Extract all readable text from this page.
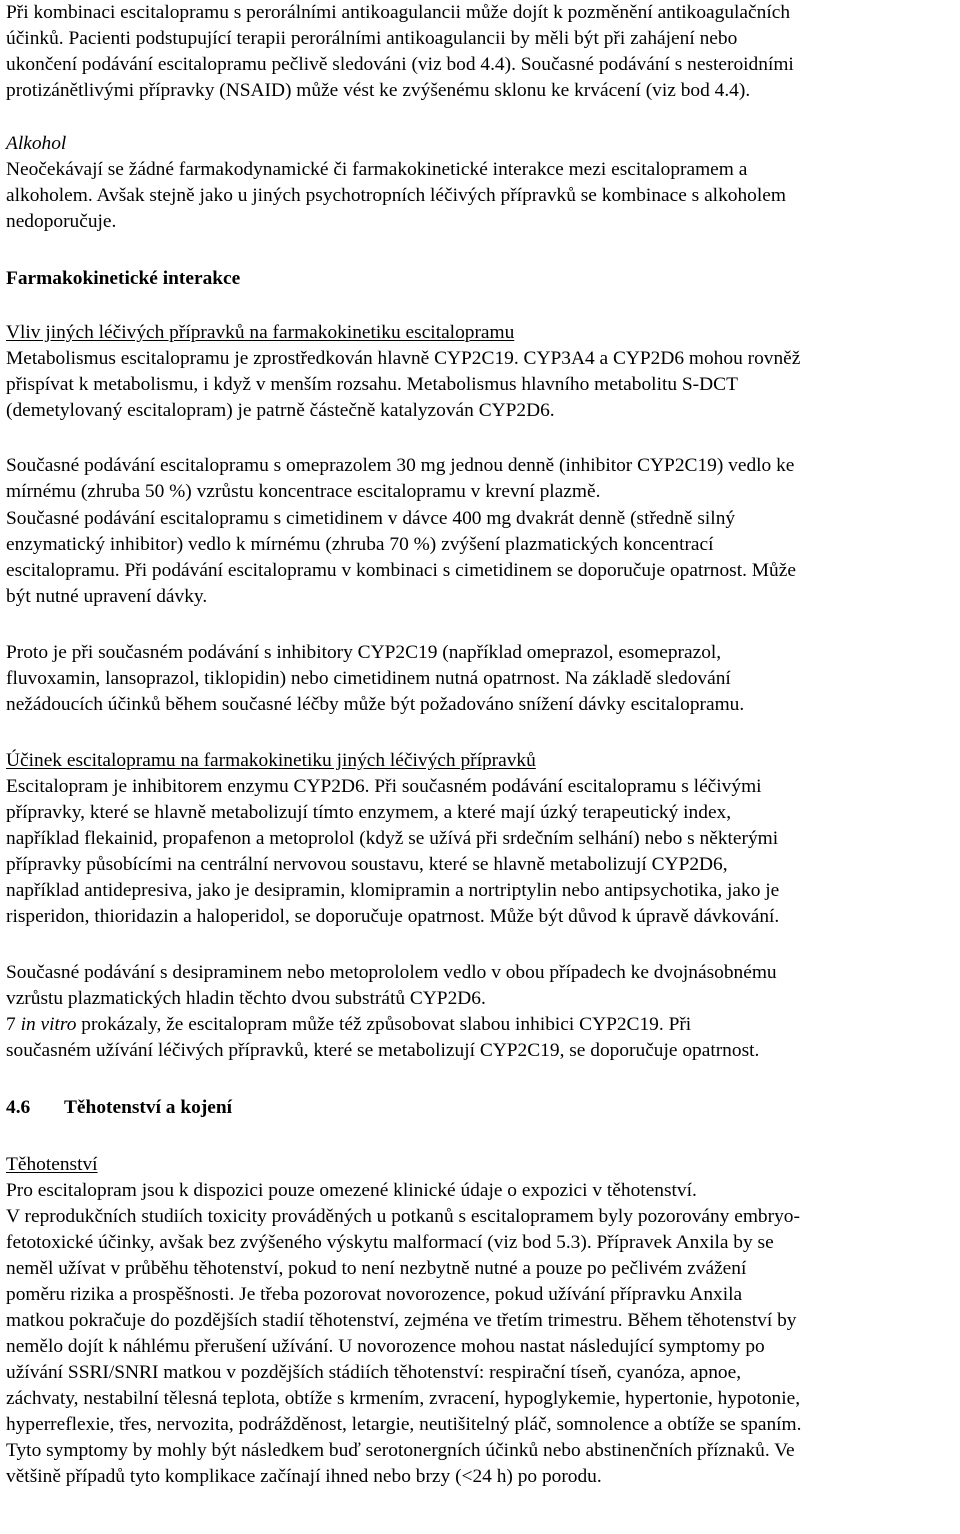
Při kombinaci escitalopramu s perorálními antikoagulancii může dojít k pozměnění antikoagulačních
účinků. Pacienti podstupující terapii perorálními antikoagulancii by měli být při zahájení nebo
ukončení podávání escitalopramu pečlivě sledováni (viz bod 4.4). Současné podávání s nesteroidními
protizánětlivými přípravky (NSAID) může vést ke zvýšenému sklonu ke krvácení (viz bod 4.4).
Alkohol
Neočekávají se žádné farmakodynamické či farmakokinetické interakce mezi escitalopramem a
alkoholem. Avšak stejně jako u jiných psychotropních léčivých přípravků se kombinace s alkoholem
nedoporučuje.
Farmakokinetické interakce
Vliv jiných léčivých přípravků na farmakokinetiku escitalopramu
Metabolismus escitalopramu je zprostředkován hlavně CYP2C19. CYP3A4 a CYP2D6 mohou rovněž
přispívat k metabolismu, i když v menším rozsahu. Metabolismus hlavního metabolitu S-DCT
(demetylovaný escitalopram) je patrně částečně katalyzován CYP2D6.
Současné podávání escitalopramu s omeprazolem 30 mg jednou denně (inhibitor CYP2C19) vedlo ke
mírnému (zhruba 50 %) vzrůstu koncentrace escitalopramu v krevní plazmě.
Současné podávání escitalopramu s cimetidinem v dávce 400 mg dvakrát denně (středně silný
enzymatický inhibitor) vedlo k mírnému (zhruba 70 %) zvýšení plazmatických koncentrací
escitalopramu. Při podávání escitalopramu v kombinaci s cimetidinem se doporučuje opatrnost. Může
být nutné upravení dávky.
Proto je při současném podávání s inhibitory CYP2C19 (například omeprazol, esomeprazol,
fluvoxamin, lansoprazol, tiklopidin) nebo cimetidinem nutná opatrnost. Na základě sledování
nežádoucích účinků během současné léčby může být požadováno snížení dávky escitalopramu.
Účinek escitalopramu na farmakokinetiku jiných léčivých přípravků
Escitalopram je inhibitorem enzymu CYP2D6. Při současném podávání escitalopramu s léčivými
přípravky, které se hlavně metabolizují tímto enzymem, a které mají úzký terapeutický index,
například flekainid, propafenon a metoprolol (když se užívá při srdečním selhání) nebo s některými
přípravky působícími na centrální nervovou soustavu, které se hlavně metabolizují CYP2D6,
například antidepresiva, jako je desipramin, klomipramin a nortriptylin nebo antipsychotika, jako je
risperidon, thioridazin a haloperidol, se doporučuje opatrnost. Může být důvod k úpravě dávkování.
Současné podávání s desipraminem nebo metoprololem vedlo v obou případech ke dvojnásobnému
vzrůstu plazmatických hladin těchto dvou substrátů CYP2D6.
7 in vitro prokázaly, že escitalopram může též způsobovat slabou inhibici CYP2C19. Při
současném užívání léčivých přípravků, které se metabolizují CYP2C19, se doporučuje opatrnost.
4.6 Těhotenství a kojení
Těhotenství
Pro escitalopram jsou k dispozici pouze omezené klinické údaje o expozici v těhotenství.
V reprodukčních studiích toxicity prováděných u potkanů s escitalopramem byly pozorovány embryo-
fetotoxické účinky, avšak bez zvýšeného výskytu malformací (viz bod 5.3). Přípravek Anxila by se
neměl užívat v průběhu těhotenství, pokud to není nezbytně nutné a pouze po pečlivém zvážení
poměru rizika a prospěšnosti. Je třeba pozorovat novorozence, pokud užívání přípravku Anxila
matkou pokračuje do pozdějších stadií těhotenství, zejména ve třetím trimestru. Během těhotenství by
nemělo dojít k náhlému přerušení užívání. U novorozence mohou nastat následující symptomy po
užívání SSRI/SNRI matkou v pozdějších stádiích těhotenství: respirační tíseň, cyanóza, apnoe,
záchvaty, nestabilní tělesná teplota, obtíže s krmením, zvracení, hypoglykemie, hypertonie, hypotonie,
hyperreflexie, třes, nervozita, podrážděnost, letargie, neutišitelný pláč, somnolence a obtíže se spaním.
Tyto symptomy by mohly být následkem buď serotonergních účinků nebo abstinenčních příznaků. Ve
většině případů tyto komplikace začínají ihned nebo brzy (<24 h) po porodu.
